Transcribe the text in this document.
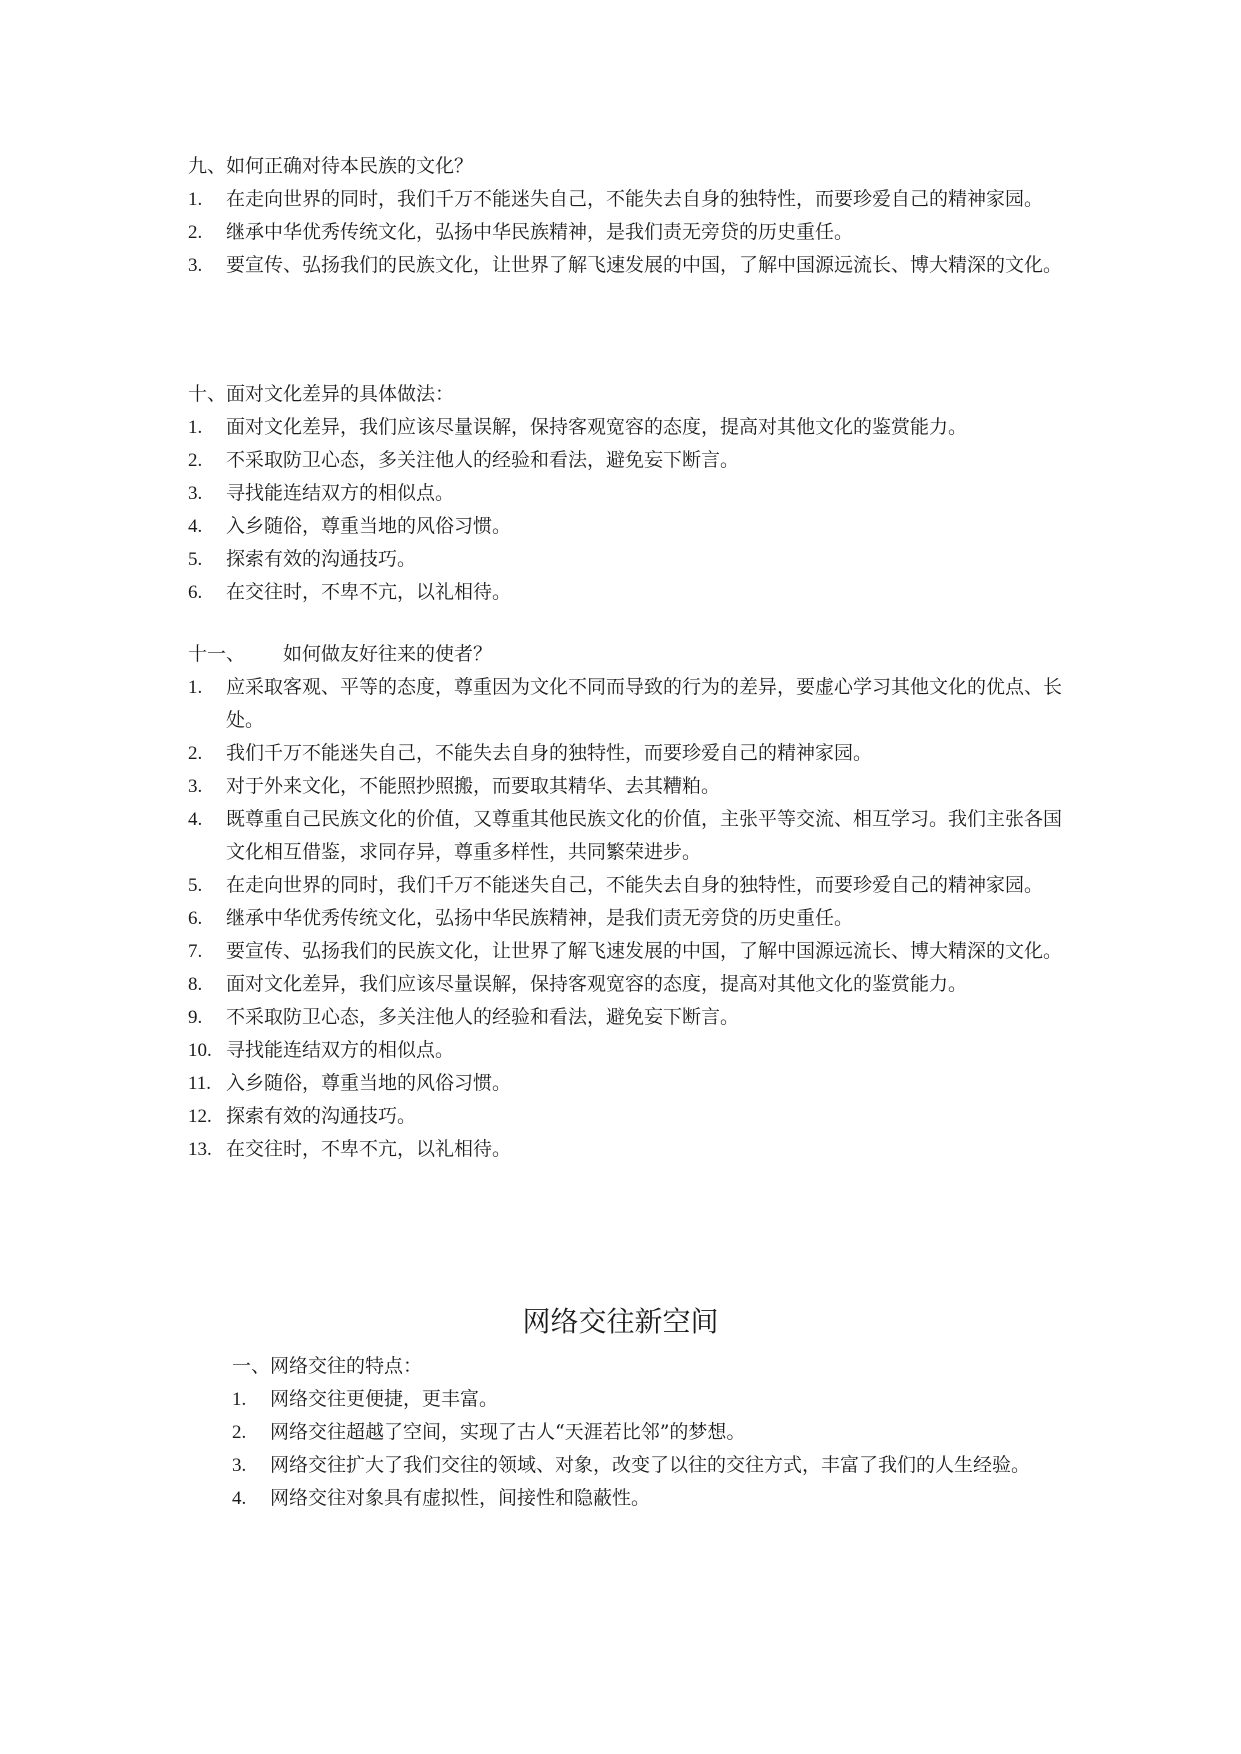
九、如何正确对待本民族的文化？
1.	在走向世界的同时，我们千万不能迷失自己，不能失去自身的独特性，而要珍爱自己的精神家园。
2.	继承中华优秀传统文化，弘扬中华民族精神，是我们责无旁贷的历史重任。
3.	要宣传、弘扬我们的民族文化，让世界了解飞速发展的中国，了解中国源远流长、博大精深的文化。
十、面对文化差异的具体做法：
1.	面对文化差异，我们应该尽量误解，保持客观宽容的态度，提高对其他文化的鉴赏能力。
2.	不采取防卫心态，多关注他人的经验和看法，避免妄下断言。
3.	寻找能连结双方的相似点。
4.	入乡随俗，尊重当地的风俗习惯。
5.	探索有效的沟通技巧。
6.	在交往时，不卑不亢，以礼相待。
十一、 如何做友好往来的使者？
1.	应采取客观、平等的态度，尊重因为文化不同而导致的行为的差异，要虚心学习其他文化的优点、长处。
2.	我们千万不能迷失自己，不能失去自身的独特性，而要珍爱自己的精神家园。
3.	对于外来文化，不能照抄照搬，而要取其精华、去其糟粕。
4.	既尊重自己民族文化的价值，又尊重其他民族文化的价值，主张平等交流、相互学习。我们主张各国文化相互借鉴，求同存异，尊重多样性，共同繁荣进步。
5.	在走向世界的同时，我们千万不能迷失自己，不能失去自身的独特性，而要珍爱自己的精神家园。
6.	继承中华优秀传统文化，弘扬中华民族精神，是我们责无旁贷的历史重任。
7.	要宣传、弘扬我们的民族文化，让世界了解飞速发展的中国，了解中国源远流长、博大精深的文化。
8.	面对文化差异，我们应该尽量误解，保持客观宽容的态度，提高对其他文化的鉴赏能力。
9.	不采取防卫心态，多关注他人的经验和看法，避免妄下断言。
10. 寻找能连结双方的相似点。
11. 入乡随俗，尊重当地的风俗习惯。
12. 探索有效的沟通技巧。
13. 在交往时，不卑不亢，以礼相待。
网络交往新空间
一、网络交往的特点：
1.	网络交往更便捷，更丰富。
2.	网络交往超越了空间，实现了古人“天涯若比邻”的梦想。
3.	网络交往扩大了我们交往的领域、对象，改变了以往的交往方式，丰富了我们的人生经验。
4.	网络交往对象具有虚拟性，间接性和隐蔽性。
